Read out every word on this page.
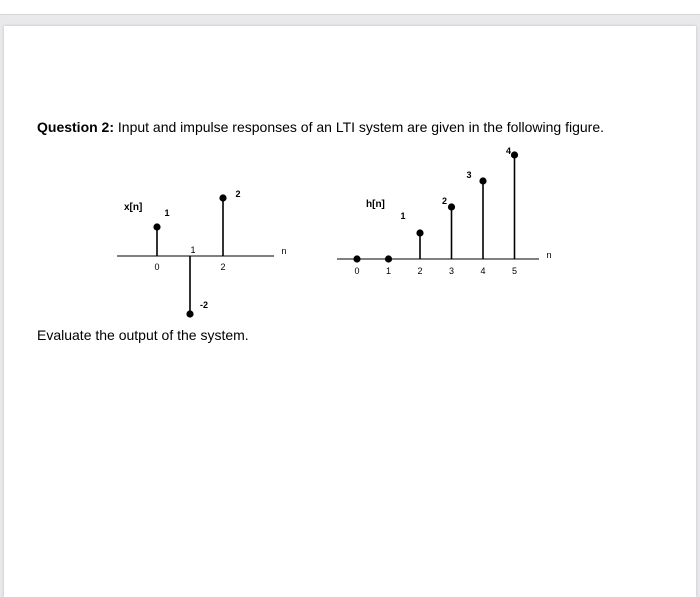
Question 2: Input and impulse responses of an LTI system are given in the following figure.
n
x[n] 1
0
-2
1
2
2
n
h[n]
0	1
1
2
2
3
3
4
4
5
Evaluate the output of the system.
